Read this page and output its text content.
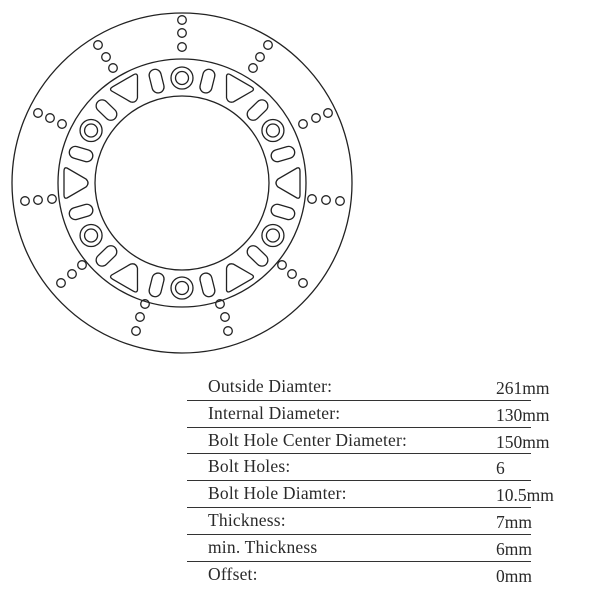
Outside Diamter:	261mm
Internal Diameter:	130mm
Bolt Hole Center Diameter:	150mm
Bolt Holes:	6
Bolt Hole Diamter:	10.5mm
Thickness:	7mm
min. Thickness	6mm
Offset:	0mm
